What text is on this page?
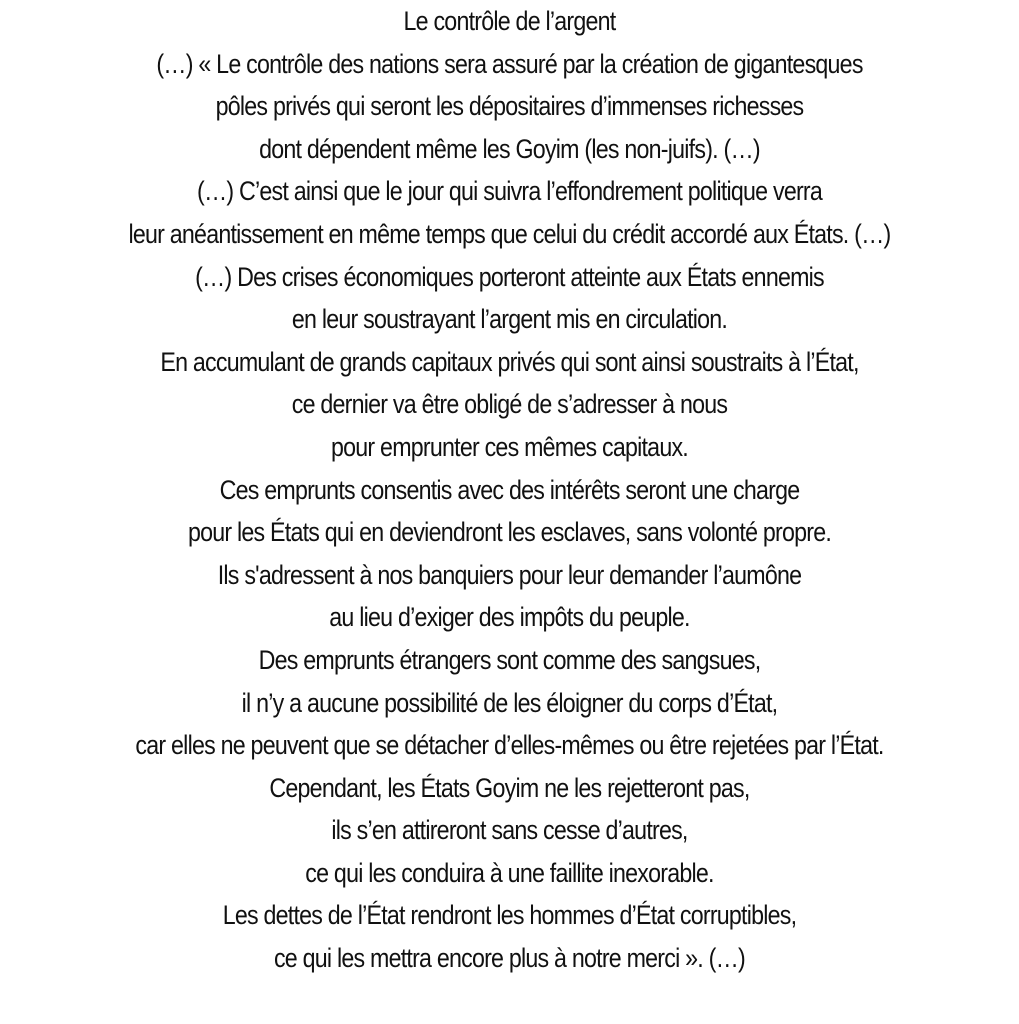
Le contrôle de l’argent
(…) « Le contrôle des nations sera assuré par la création de gigantesques
pôles privés qui seront les dépositaires d’immenses richesses
dont dépendent même les Goyim (les non-juifs). (…)
(…) C’est ainsi que le jour qui suivra l’effondrement politique verra
leur anéantissement en même temps que celui du crédit accordé aux États. (…)
(…) Des crises économiques porteront atteinte aux États ennemis
en leur soustrayant l’argent mis en circulation.
En accumulant de grands capitaux privés qui sont ainsi soustraits à l’État,
ce dernier va être obligé de s’adresser à nous
pour emprunter ces mêmes capitaux.
Ces emprunts consentis avec des intérêts seront une charge
pour les États qui en deviendront les esclaves, sans volonté propre.
Ils s'adressent à nos banquiers pour leur demander l’aumône
au lieu d’exiger des impôts du peuple.
Des emprunts étrangers sont comme des sangsues,
il n’y a aucune possibilité de les éloigner du corps d’État,
car elles ne peuvent que se détacher d’elles-mêmes ou être rejetées par l’État.
Cependant, les États Goyim ne les rejetteront pas,
ils s’en attireront sans cesse d’autres,
ce qui les conduira à une faillite inexorable.
Les dettes de l’État rendront les hommes d’État corruptibles,
ce qui les mettra encore plus à notre merci ». (…)
